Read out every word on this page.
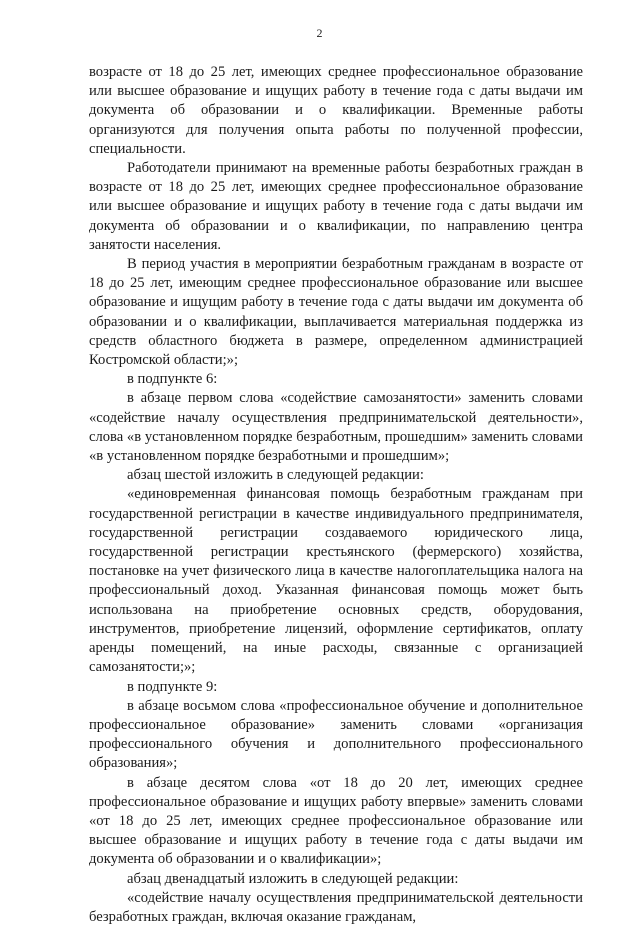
2

возрасте от 18 до 25 лет, имеющих среднее профессиональное образование или высшее образование и ищущих работу в течение года с даты выдачи им документа об образовании и о квалификации. Временные работы организуются для получения опыта работы по полученной профессии, специальности.

Работодатели принимают на временные работы безработных граждан в возрасте от 18 до 25 лет, имеющих среднее профессиональное образование или высшее образование и ищущих работу в течение года с даты выдачи им документа об образовании и о квалификации, по направлению центра занятости населения.

В период участия в мероприятии безработным гражданам в возрасте от 18 до 25 лет, имеющим среднее профессиональное образование или высшее образование и ищущим работу в течение года с даты выдачи им документа об образовании и о квалификации, выплачивается материальная поддержка из средств областного бюджета в размере, определенном администрацией Костромской области;»;

в подпункте 6:

в абзаце первом слова «содействие самозанятости» заменить словами «содействие началу осуществления предпринимательской деятельности», слова «в установленном порядке безработным, прошедшим» заменить словами «в установленном порядке безработными и прошедшим»;

абзац шестой изложить в следующей редакции:

«единовременная финансовая помощь безработным гражданам при государственной регистрации в качестве индивидуального предпринимателя, государственной регистрации создаваемого юридического лица, государственной регистрации крестьянского (фермерского) хозяйства, постановке на учет физического лица в качестве налогоплательщика налога на профессиональный доход. Указанная финансовая помощь может быть использована на приобретение основных средств, оборудования, инструментов, приобретение лицензий, оформление сертификатов, оплату аренды помещений, на иные расходы, связанные с организацией самозанятости;»;

в подпункте 9:

в абзаце восьмом слова «профессиональное обучение и дополнительное профессиональное образование» заменить словами «организация профессионального обучения и дополнительного профессионального образования»;

в абзаце десятом слова «от 18 до 20 лет, имеющих среднее профессиональное образование и ищущих работу впервые» заменить словами «от 18 до 25 лет, имеющих среднее профессиональное образование или высшее образование и ищущих работу в течение года с даты выдачи им документа об образовании и о квалификации»;

абзац двенадцатый изложить в следующей редакции:

«содействие началу осуществления предпринимательской деятельности безработных граждан, включая оказание гражданам,
